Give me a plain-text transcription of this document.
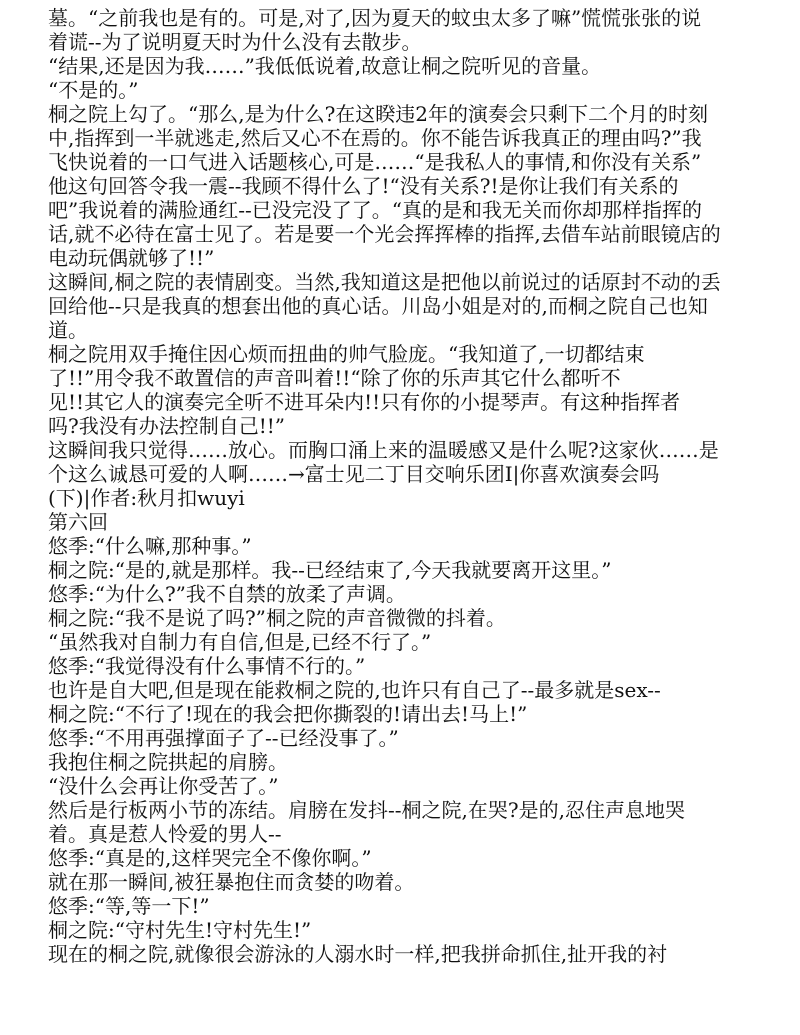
墓。“之前我也是有的。可是,对了,因为夏天的蚊虫太多了嘛”慌慌张张的说
着谎--为了说明夏天时为什么没有去散步。
“结果,还是因为我……”我低低说着,故意让桐之院听见的音量。
“不是的。”
桐之院上勾了。“那么,是为什么?在这睽违2年的演奏会只剩下二个月的时刻
中,指挥到一半就逃走,然后又心不在焉的。你不能告诉我真正的理由吗?”我
飞快说着的一口气进入话题核心,可是……“是我私人的事情,和你没有关系”
他这句回答令我一震--我顾不得什么了!“没有关系?!是你让我们有关系的
吧”我说着的满脸通红--已没完没了了。“真的是和我无关而你却那样指挥的
话,就不必待在富士见了。若是要一个光会挥挥棒的指挥,去借车站前眼镜店的
电动玩偶就够了!!”
这瞬间,桐之院的表情剧变。当然,我知道这是把他以前说过的话原封不动的丢
回给他--只是我真的想套出他的真心话。川岛小姐是对的,而桐之院自己也知
道。
桐之院用双手掩住因心烦而扭曲的帅气脸庞。“我知道了,一切都结束
了!!”用令我不敢置信的声音叫着!!“除了你的乐声其它什么都听不
见!!其它人的演奏完全听不进耳朵内!!只有你的小提琴声。有这种指挥者
吗?我没有办法控制自己!!”
这瞬间我只觉得……放心。而胸口涌上来的温暖感又是什么呢?这家伙……是
个这么诚恳可爱的人啊……→富士见二丁目交响乐团Ⅰ|你喜欢演奏会吗
(下)|作者:秋月扣wuyi
第六回
悠季:“什么嘛,那种事。”
桐之院:“是的,就是那样。我--已经结束了,今天我就要离开这里。”
悠季:“为什么?”我不自禁的放柔了声调。
桐之院:“我不是说了吗?”桐之院的声音微微的抖着。
“虽然我对自制力有自信,但是,已经不行了。”
悠季:“我觉得没有什么事情不行的。”
也许是自大吧,但是现在能救桐之院的,也许只有自己了--最多就是sex--
桐之院:“不行了!现在的我会把你撕裂的!请出去!马上!”
悠季:“不用再强撑面子了--已经没事了。”
我抱住桐之院拱起的肩膀。
“没什么会再让你受苦了。”
然后是行板两小节的冻结。肩膀在发抖--桐之院,在哭?是的,忍住声息地哭
着。真是惹人怜爱的男人--
悠季:“真是的,这样哭完全不像你啊。”
就在那一瞬间,被狂暴抱住而贪婪的吻着。
悠季:“等,等一下!”
桐之院:“守村先生!守村先生!”
现在的桐之院,就像很会游泳的人溺水时一样,把我拼命抓住,扯开我的衬
